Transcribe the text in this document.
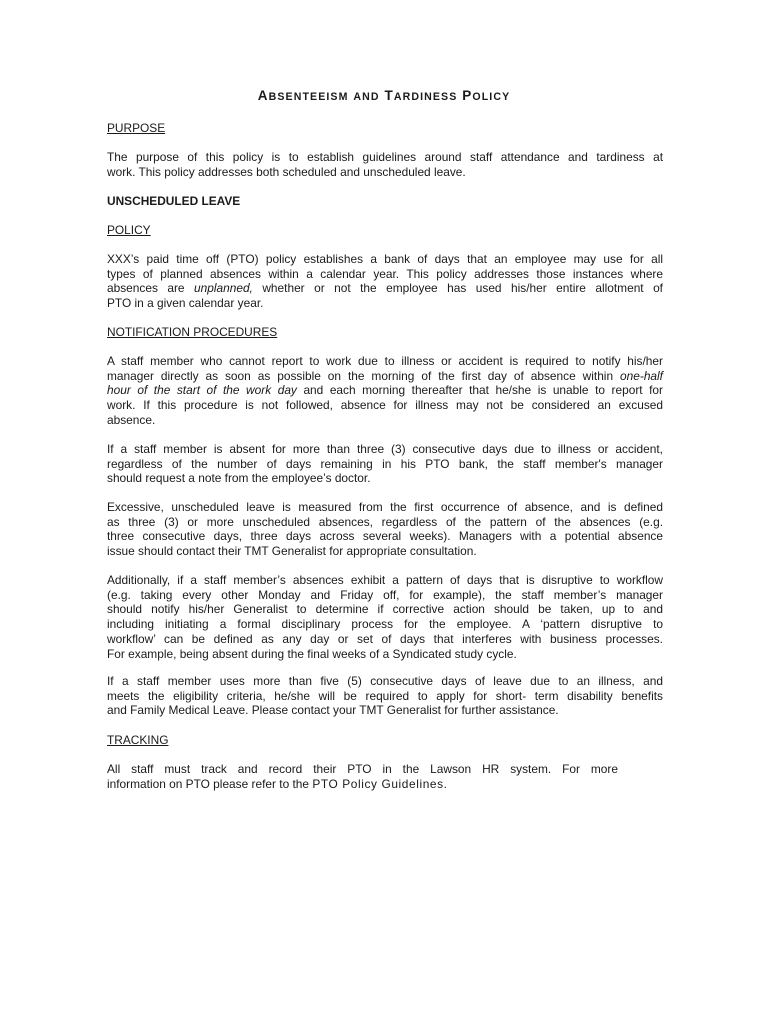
ABSENTEEISM AND TARDINESS POLICY
PURPOSE
The purpose of this policy is to establish guidelines around staff attendance and tardiness at
work. This policy addresses both scheduled and unscheduled leave.
UNSCHEDULED LEAVE
POLICY
XXX’s paid time off (PTO) policy establishes a bank of days that an employee may use for all
types of planned absences within a calendar year. This policy addresses those instances where
absences are unplanned, whether or not the employee has used his/her entire allotment of
PTO in a given calendar year.
NOTIFICATION PROCEDURES
A staff member who cannot report to work due to illness or accident is required to notify his/her
manager directly as soon as possible on the morning of the first day of absence within one-half
hour of the start of the work day and each morning thereafter that he/she is unable to report for
work. If this procedure is not followed, absence for illness may not be considered an excused
absence.
If a staff member is absent for more than three (3) consecutive days due to illness or accident,
regardless of the number of days remaining in his PTO bank, the staff member's manager
should request a note from the employee’s doctor.
Excessive, unscheduled leave is measured from the first occurrence of absence, and is defined
as three (3) or more unscheduled absences, regardless of the pattern of the absences (e.g.
three consecutive days, three days across several weeks). Managers with a potential absence
issue should contact their TMT Generalist for appropriate consultation.
Additionally, if a staff member’s absences exhibit a pattern of days that is disruptive to workflow
(e.g. taking every other Monday and Friday off, for example), the staff member’s manager
should notify his/her Generalist to determine if corrective action should be taken, up to and
including initiating a formal disciplinary process for the employee. A ‘pattern disruptive to
workflow’ can be defined as any day or set of days that interferes with business processes.
For example, being absent during the final weeks of a Syndicated study cycle.
If a staff member uses more than five (5) consecutive days of leave due to an illness, and
meets the eligibility criteria, he/she will be required to apply for short- term disability benefits
and Family Medical Leave. Please contact your TMT Generalist for further assistance.
TRACKING
All staff must track and record their PTO in the Lawson HR system. For more
information on PTO please refer to the PTO Policy Guidelines.
